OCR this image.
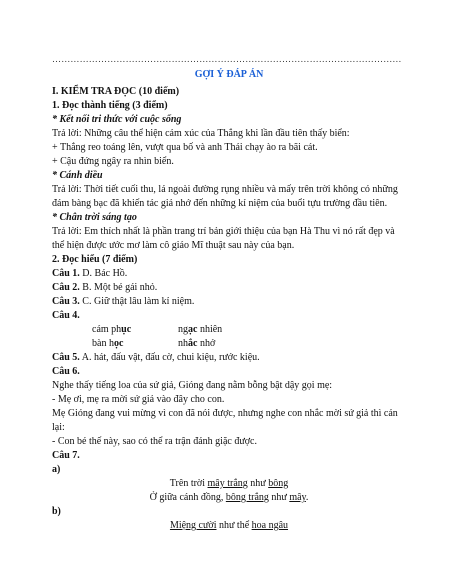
……………………………………………………………………………………………………
GỢI Ý ĐÁP ÁN
I. KIỂM TRA ĐỌC (10 điểm)
1. Đọc thành tiếng (3 điểm)
* Kết nối tri thức với cuộc sống

Trả lời: Những câu thể hiện cảm xúc của Thắng khi lần đầu tiên thấy biển:

+ Thắng reo toáng lên, vượt qua bố và anh Thái chạy ào ra bãi cát.

+ Cậu đứng ngây ra nhìn biển.

* Cánh diều

Trả lời: Thời tiết cuối thu, lá ngoài đường rụng nhiều và mấy trên trời không có những đám bàng bạc đã khiến tác giả nhớ đến những kỉ niệm của buổi tựu trường đầu tiên.

* Chân trời sáng tạo

Trả lời: Em thích nhất là phần trang trí bản giới thiệu của bạn Hà Thu vì nó rất đẹp và thể hiện được ước mơ làm cô giáo Mĩ thuật sau này của bạn.

2. Đọc hiểu (7 điểm)

Câu 1. D. Bác Hồ.

Câu 2. B. Một bé gái nhỏ.

Câu 3. C. Giữ thật lâu làm kỉ niệm.

Câu 4.

cám phục	ngạc nhiên
bàn học	nhắc nhở

Câu 5. A. hát, đấu vật, đấu cờ, chui kiệu, rước kiệu.

Câu 6.

Nghe thấy tiếng loa của sứ giả, Gióng đang nằm bỗng bật dậy gọi mẹ:

- Mẹ ơi, mẹ ra mời sứ giả vào đây cho con.

Mẹ Gióng đang vui mừng vì con đã nói được, nhưng nghe con nhắc mời sứ giả thì cản lại:

- Con bé thế này, sao có thể ra trận đánh giặc được.

Câu 7.

a)

Trên trời mây trắng như bông

Ở giữa cánh đồng, bông trắng như mây.

b)

Miệng cười như thể hoa ngâu
